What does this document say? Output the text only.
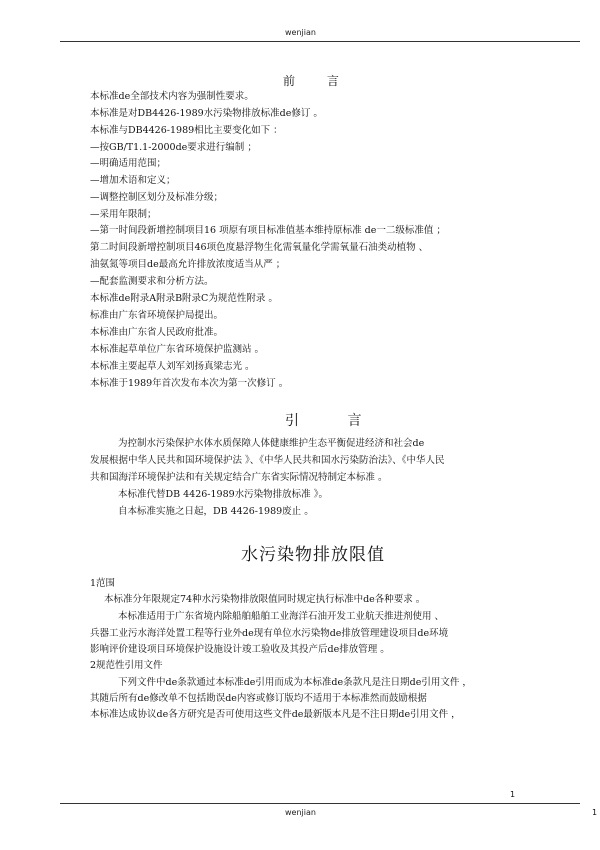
wenjian
前 言
本标准de全部技术内容为强制性要求。
本标准是对DB4426-1989水污染物排放标准de修订 。
本标准与DB4426-1989相比主要变化如下 ：
—按GB/T1.1-2000de要求进行编制 ；
—明确适用范围；
—增加术语和定义；
—调整控制区划分及标准分级；
—采用年限制；
—第一时间段新增控制项目16 项原有项目标准值基本维持原标准 de一二级标准值 ；
第二时间段新增控制项目46项色度悬浮物生化需氧量化学需氧量石油类动植物 、
油氨氮等项目de最高允许排放浓度适当从严 ；
—配套监测要求和分析方法。
本标准de附录A附录B附录C为规范性附录 。
标准由广东省环境保护局提出。
本标准由广东省人民政府批准。
本标准起草单位广东省环境保护监测站 。
本标准主要起草人刘军刘扬真梁志光 。
本标准于1989年首次发布本次为第一次修订 。
引 言
为控制水污染保护水体水质保障人体健康维护生态平衡促进经济和社会de
发展根据中华人民共和国环境保护法 》、《中华人民共和国水污染防治法》、《中华人民
共和国海洋环境保护法和有关规定结合广东省实际情况特制定本标准 。
本标准代替DB 4426-1989水污染物排放标准 》。
自本标准实施之日起，DB 4426-1989废止 。
水污染物排放限值
1范围
本标准分年限规定74种水污染物排放限值同时规定执行标准中de各种要求 。
本标准适用于广东省境内除船舶船舶工业海洋石油开发工业航天推进剂使用 、
兵器工业污水海洋处置工程等行业外de现有单位水污染物de排放管理建设项目de环境
影响评价建设项目环境保护设施设计竣工验收及其投产后de排放管理 。
2规范性引用文件
下列文件中de条款通过本标准de引用而成为本标准de条款凡是注日期de引用文件 ，
其随后所有de修改单不包括勘误de内容或修订版均不适用于本标准然而鼓励根据
本标准达成协议de各方研究是否可使用这些文件de最新版本凡是不注日期de引用文件 ，
1
wenjian	1
